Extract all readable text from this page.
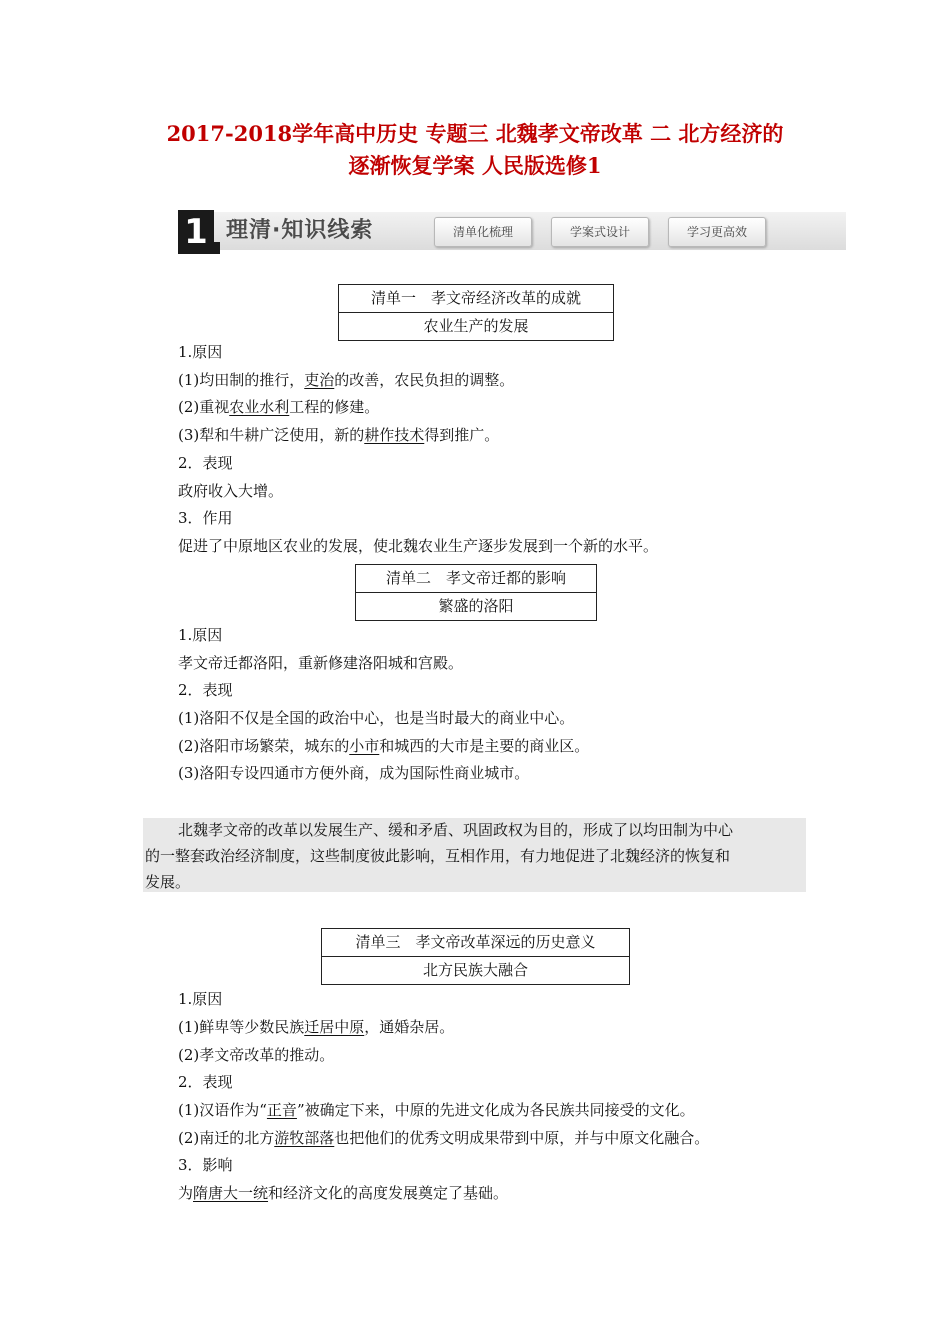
2017-2018学年高中历史 专题三 北魏孝文帝改革 二 北方经济的
逐渐恢复学案 人民版选修1
1 理清·知识线索	清单化梳理	学案式设计	学习更高效
清单一　孝文帝经济改革的成就
农业生产的发展
1.原因
(1)均田制的推行，吏治的改善，农民负担的调整。
(2)重视农业水利工程的修建。
(3)犁和牛耕广泛使用，新的耕作技术得到推广。
2．表现
政府收入大增。
3．作用
促进了中原地区农业的发展，使北魏农业生产逐步发展到一个新的水平。
清单二　孝文帝迁都的影响
繁盛的洛阳
1.原因
孝文帝迁都洛阳，重新修建洛阳城和宫殿。
2．表现
(1)洛阳不仅是全国的政治中心，也是当时最大的商业中心。
(2)洛阳市场繁荣，城东的小市和城西的大市是主要的商业区。
(3)洛阳专设四通市方便外商，成为国际性商业城市。
北魏孝文帝的改革以发展生产、缓和矛盾、巩固政权为目的，形成了以均田制为中心
的一整套政治经济制度，这些制度彼此影响，互相作用，有力地促进了北魏经济的恢复和
发展。
清单三　孝文帝改革深远的历史意义
北方民族大融合
1.原因
(1)鲜卑等少数民族迁居中原，通婚杂居。
(2)孝文帝改革的推动。
2．表现
(1)汉语作为“正音”被确定下来，中原的先进文化成为各民族共同接受的文化。
(2)南迁的北方游牧部落也把他们的优秀文明成果带到中原，并与中原文化融合。
3．影响
为隋唐大一统和经济文化的高度发展奠定了基础。
